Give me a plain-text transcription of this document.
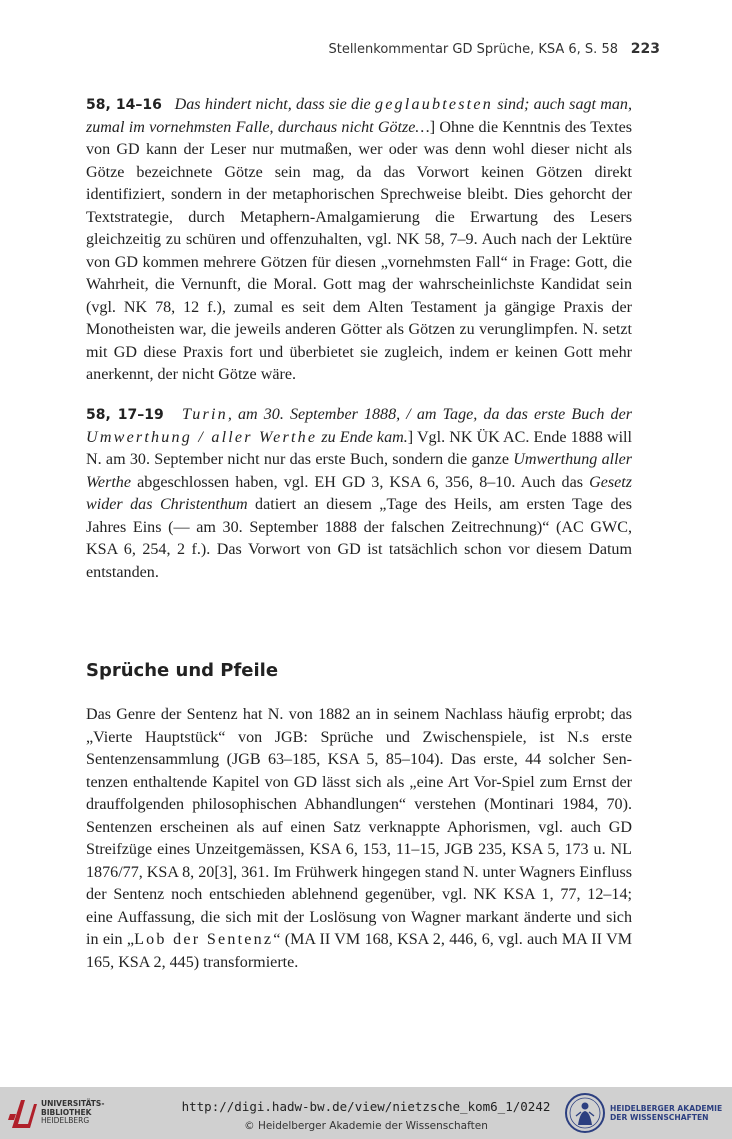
Stellenkommentar GD Sprüche, KSA 6, S. 58 223

58, 14–16 Das hindert nicht, dass sie die geglaubtesten sind; auch sagt man, zumal im vornehmsten Falle, durchaus nicht Götze…] Ohne die Kenntnis des Textes von GD kann der Leser nur mutmaßen, wer oder was denn wohl dieser nicht als Götze bezeichnete Götze sein mag, da das Vorwort keinen Götzen direkt identifiziert, sondern in der metaphorischen Sprechweise bleibt. Dies gehorcht der Textstrategie, durch Metaphern-Amalgamierung die Erwartung des Lesers gleichzeitig zu schüren und offenzuhalten, vgl. NK 58, 7–9. Auch nach der Lektüre von GD kommen mehrere Götzen für diesen „vornehmsten Fall“ in Frage: Gott, die Wahrheit, die Vernunft, die Moral. Gott mag der wahrscheinlichste Kandidat sein (vgl. NK 78, 12 f.), zumal es seit dem Alten Testament ja gängige Praxis der Monotheisten war, die jeweils anderen Götter als Götzen zu verunglimpfen. N. setzt mit GD diese Praxis fort und überbietet sie zugleich, indem er keinen Gott mehr anerkennt, der nicht Götze wäre.

58, 17–19 Turin, am 30. September 1888, / am Tage, da das erste Buch der Umwerthung / aller Werthe zu Ende kam.] Vgl. NK ÜK AC. Ende 1888 will N. am 30. September nicht nur das erste Buch, sondern die ganze Umwerthung aller Werthe abgeschlossen haben, vgl. EH GD 3, KSA 6, 356, 8–10. Auch das Gesetz wider das Christenthum datiert an diesem „Tage des Heils, am ersten Tage des Jahres Eins (— am 30. September 1888 der falschen Zeitrechnung)“ (AC GWC, KSA 6, 254, 2 f.). Das Vorwort von GD ist tatsächlich schon vor diesem Datum entstanden.

Sprüche und Pfeile

Das Genre der Sentenz hat N. von 1882 an in seinem Nachlass häufig erprobt; das „Vierte Hauptstück“ von JGB: Sprüche und Zwischenspiele, ist N.s erste Sentenzensammlung (JGB 63–185, KSA 5, 85–104). Das erste, 44 solcher Sentenzen enthaltende Kapitel von GD lässt sich als „eine Art Vor-Spiel zum Ernst der drauffolgenden philosophischen Abhandlungen“ verstehen (Montinari 1984, 70). Sentenzen erscheinen als auf einen Satz verknappte Aphorismen, vgl. auch GD Streifzüge eines Unzeitgemässen, KSA 6, 153, 11–15, JGB 235, KSA 5, 173 u. NL 1876/77, KSA 8, 20[3], 361. Im Frühwerk hingegen stand N. unter Wagners Einfluss der Sentenz noch entschieden ablehnend gegenüber, vgl. NK KSA 1, 77, 12–14; eine Auffassung, die sich mit der Loslösung von Wagner markant änderte und sich in ein „Lob der Sentenz“ (MA II VM 168, KSA 2, 446, 6, vgl. auch MA II VM 165, KSA 2, 445) transformierte.

UNIVERSITÄTS-
BIBLIOTHEK
HEIDELBERG
http://digi.hadw-bw.de/view/nietzsche_kom6_1/0242
© Heidelberger Akademie der Wissenschaften
HEIDELBERGER AKADEMIE
DER WISSENSCHAFTEN
